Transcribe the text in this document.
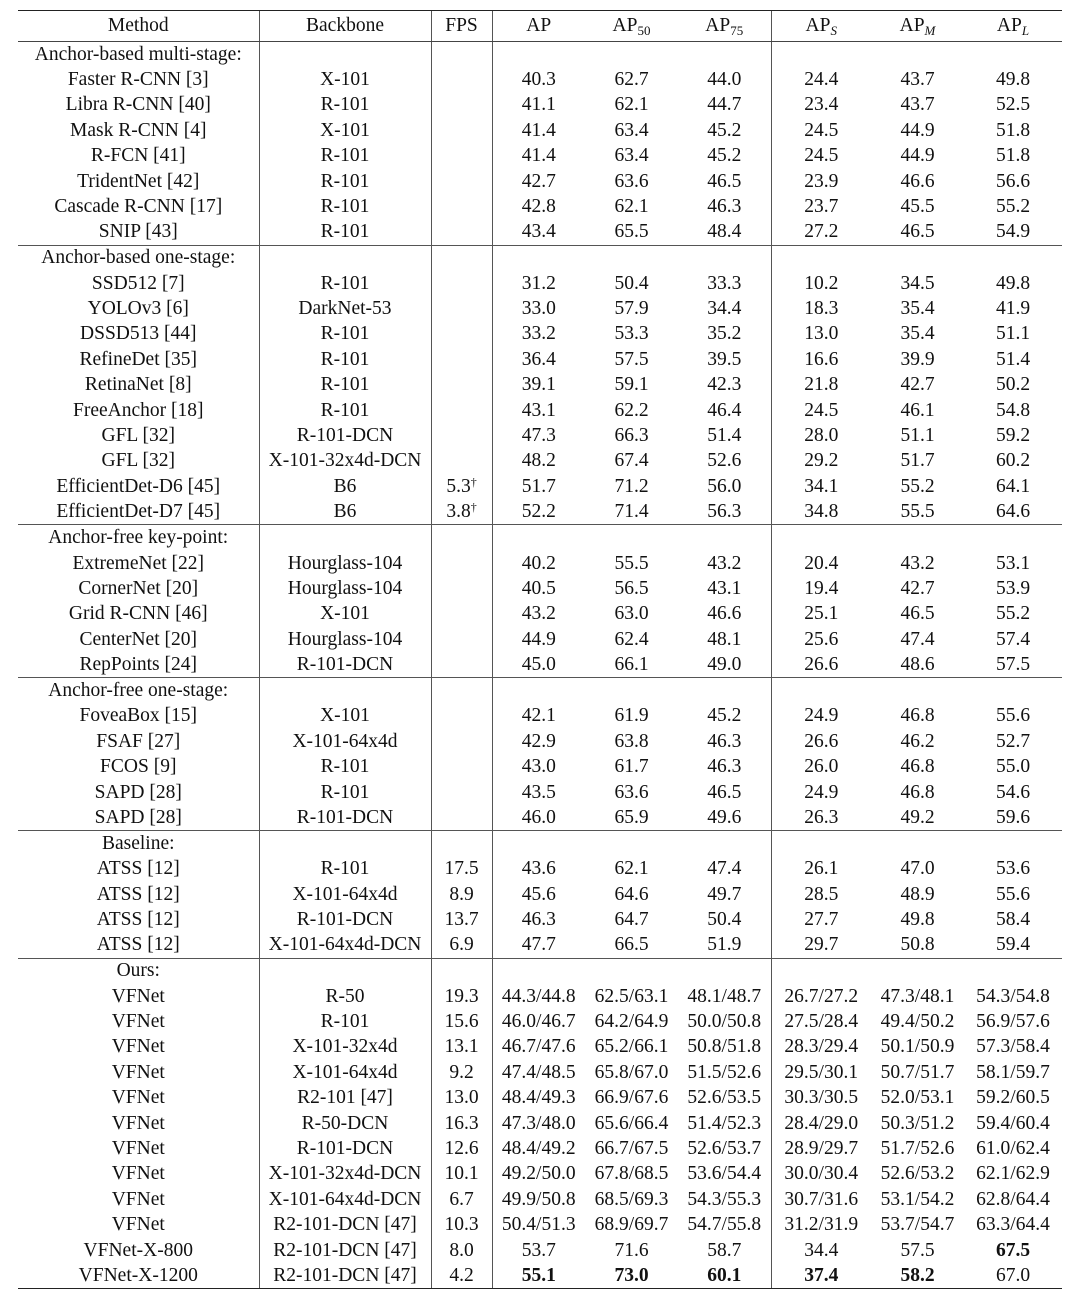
Method	Backbone	FPS	AP	$AP_{50}$	$AP_{75}$	$AP_S$	$AP_M$	$AP_L$
Anchor-based multi-stage:								
Faster R-CNN [3]	X-101		40.3	62.7	44.0	24.4	43.7	49.8
Libra R-CNN [40]	R-101		41.1	62.1	44.7	23.4	43.7	52.5
Mask R-CNN [4]	X-101		41.4	63.4	45.2	24.5	44.9	51.8
R-FCN [41]	R-101		41.4	63.4	45.2	24.5	44.9	51.8
TridentNet [42]	R-101		42.7	63.6	46.5	23.9	46.6	56.6
Cascade R-CNN [17]	R-101		42.8	62.1	46.3	23.7	45.5	55.2
SNIP [43]	R-101		43.4	65.5	48.4	27.2	46.5	54.9
Anchor-based one-stage:								
SSD512 [7]	R-101		31.2	50.4	33.3	10.2	34.5	49.8
YOLOv3 [6]	DarkNet-53		33.0	57.9	34.4	18.3	35.4	41.9
DSSD513 [44]	R-101		33.2	53.3	35.2	13.0	35.4	51.1
RefineDet [35]	R-101		36.4	57.5	39.5	16.6	39.9	51.4
RetinaNet [8]	R-101		39.1	59.1	42.3	21.8	42.7	50.2
FreeAnchor [18]	R-101		43.1	62.2	46.4	24.5	46.1	54.8
GFL [32]	R-101-DCN		47.3	66.3	51.4	28.0	51.1	59.2
GFL [32]	X-101-32x4d-DCN		48.2	67.4	52.6	29.2	51.7	60.2
EfficientDet-D6 [45]	B6	5.3†	51.7	71.2	56.0	34.1	55.2	64.1
EfficientDet-D7 [45]	B6	3.8†	52.2	71.4	56.3	34.8	55.5	64.6
Anchor-free key-point:								
ExtremeNet [22]	Hourglass-104		40.2	55.5	43.2	20.4	43.2	53.1
CornerNet [20]	Hourglass-104		40.5	56.5	43.1	19.4	42.7	53.9
Grid R-CNN [46]	X-101		43.2	63.0	46.6	25.1	46.5	55.2
CenterNet [20]	Hourglass-104		44.9	62.4	48.1	25.6	47.4	57.4
RepPoints [24]	R-101-DCN		45.0	66.1	49.0	26.6	48.6	57.5
Anchor-free one-stage:								
FoveaBox [15]	X-101		42.1	61.9	45.2	24.9	46.8	55.6
FSAF [27]	X-101-64x4d		42.9	63.8	46.3	26.6	46.2	52.7
FCOS [9]	R-101		43.0	61.7	46.3	26.0	46.8	55.0
SAPD [28]	R-101		43.5	63.6	46.5	24.9	46.8	54.6
SAPD [28]	R-101-DCN		46.0	65.9	49.6	26.3	49.2	59.6
Baseline:								
ATSS [12]	R-101	17.5	43.6	62.1	47.4	26.1	47.0	53.6
ATSS [12]	X-101-64x4d	8.9	45.6	64.6	49.7	28.5	48.9	55.6
ATSS [12]	R-101-DCN	13.7	46.3	64.7	50.4	27.7	49.8	58.4
ATSS [12]	X-101-64x4d-DCN	6.9	47.7	66.5	51.9	29.7	50.8	59.4
Ours:								
VFNet	R-50	19.3	44.3/44.8	62.5/63.1	48.1/48.7	26.7/27.2	47.3/48.1	54.3/54.8
VFNet	R-101	15.6	46.0/46.7	64.2/64.9	50.0/50.8	27.5/28.4	49.4/50.2	56.9/57.6
VFNet	X-101-32x4d	13.1	46.7/47.6	65.2/66.1	50.8/51.8	28.3/29.4	50.1/50.9	57.3/58.4
VFNet	X-101-64x4d	9.2	47.4/48.5	65.8/67.0	51.5/52.6	29.5/30.1	50.7/51.7	58.1/59.7
VFNet	R2-101 [47]	13.0	48.4/49.3	66.9/67.6	52.6/53.5	30.3/30.5	52.0/53.1	59.2/60.5
VFNet	R-50-DCN	16.3	47.3/48.0	65.6/66.4	51.4/52.3	28.4/29.0	50.3/51.2	59.4/60.4
VFNet	R-101-DCN	12.6	48.4/49.2	66.7/67.5	52.6/53.7	28.9/29.7	51.7/52.6	61.0/62.4
VFNet	X-101-32x4d-DCN	10.1	49.2/50.0	67.8/68.5	53.6/54.4	30.0/30.4	52.6/53.2	62.1/62.9
VFNet	X-101-64x4d-DCN	6.7	49.9/50.8	68.5/69.3	54.3/55.3	30.7/31.6	53.1/54.2	62.8/64.4
VFNet	R2-101-DCN [47]	10.3	50.4/51.3	68.9/69.7	54.7/55.8	31.2/31.9	53.7/54.7	63.3/64.4
VFNet-X-800	R2-101-DCN [47]	8.0	53.7	71.6	58.7	34.4	57.5	67.5
VFNet-X-1200	R2-101-DCN [47]	4.2	55.1	73.0	60.1	37.4	58.2	67.0
